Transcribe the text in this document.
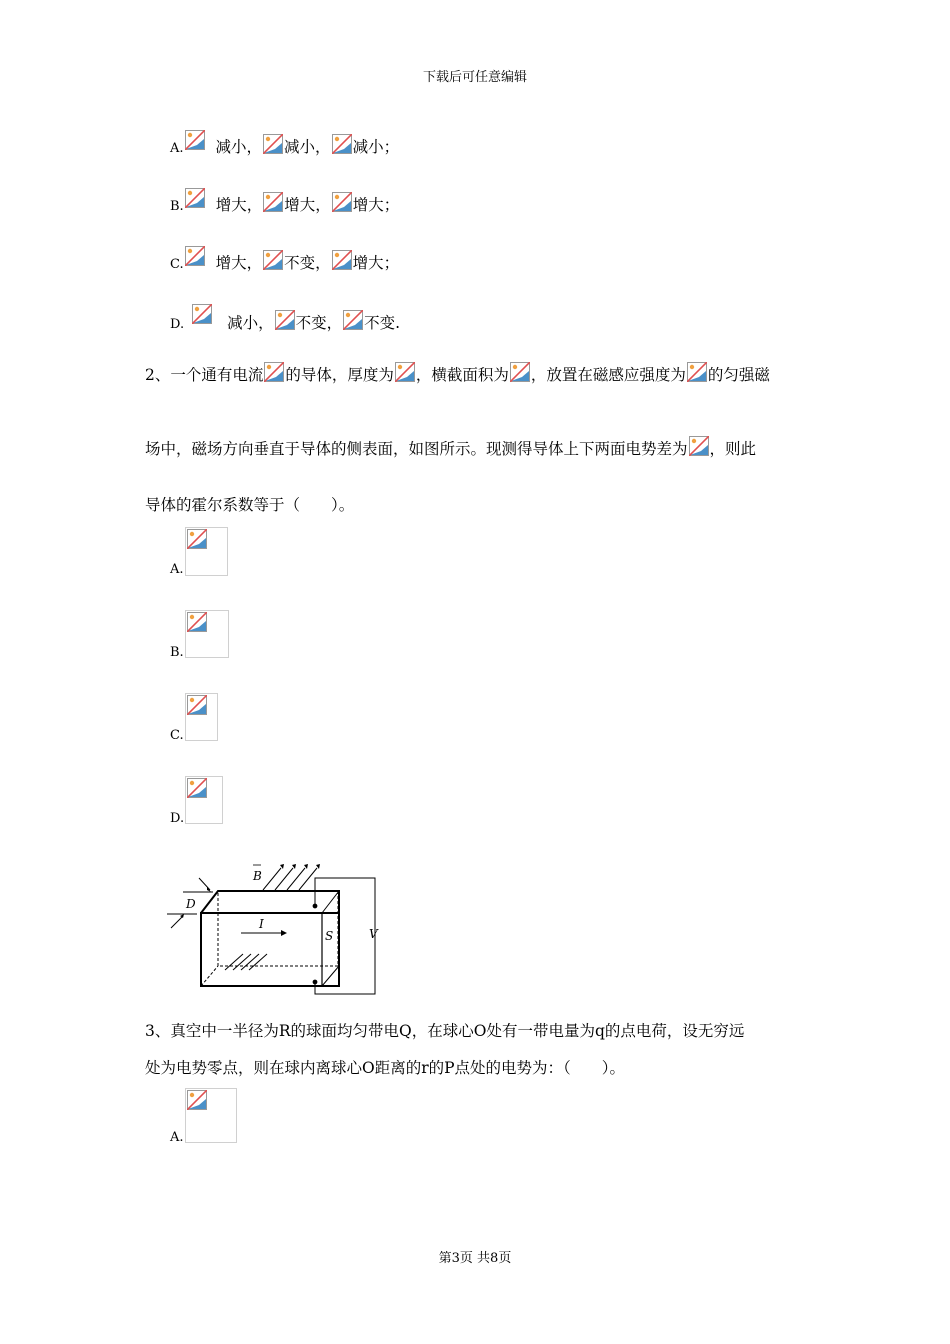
下载后可任意编辑
A. 减小， 减小， 减小；
B. 增大， 增大， 增大；
C. 增大， 不变， 增大；
D.	减小， 不变， 不变.
2、一个通有电流 的导体，厚度为 ，横截面积为 ，放置在磁感应强度为 的匀强磁
场中，磁场方向垂直于导体的侧表面，如图所示。现测得导体上下两面电势差为 ，则此
导体的霍尔系数等于（　　）。
A.
B.
C.
D.
B
D
I
S	V
3、真空中一半径为R的球面均匀带电Q，在球心O处有一带电量为q的点电荷，设无穷远
处为电势零点，则在球内离球心O距离的r的P点处的电势为：（　　）。
A.
第3页 共8页
